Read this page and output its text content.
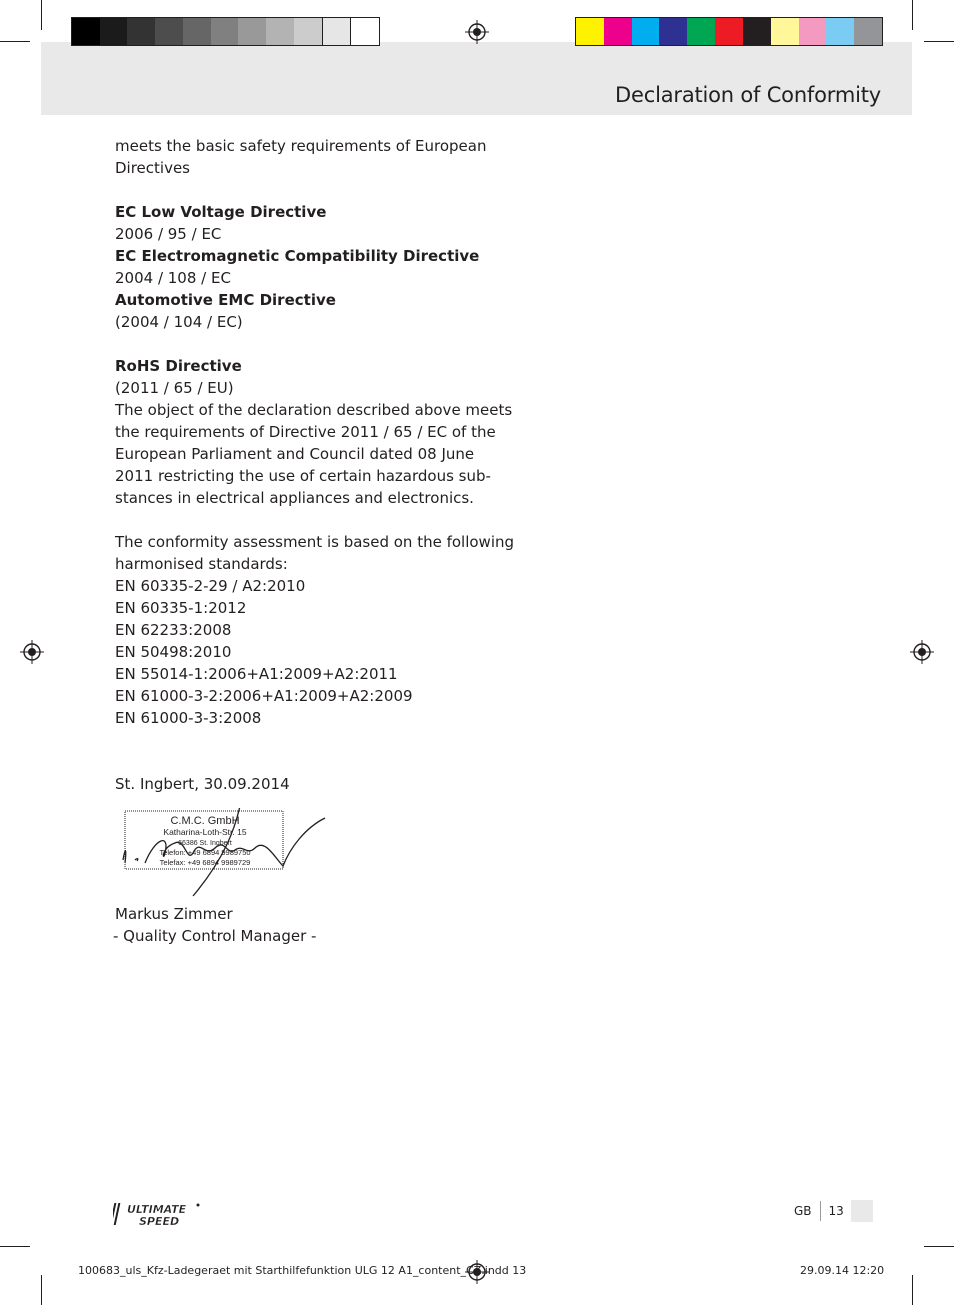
Declaration of Conformity

meets the basic safety requirements of European

Directives

EC Low Voltage Directive

2006 / 95 / EC

EC Electromagnetic Compatibility Directive

2004 / 108 / EC

Automotive EMC Directive

(2004 / 104 / EC)

RoHS Directive

(2011 / 65 / EU)

The object of the declaration described above meets

the requirements of Directive 2011 / 65 / EC of the

European Parliament and Council dated 08 June

2011 restricting the use of certain hazardous sub-

stances in electrical appliances and electronics.

The conformity assessment is based on the following

harmonised standards:

EN 60335-2-29 / A2:2010

EN 60335-1:2012

EN 62233:2008

EN 50498:2010

EN 55014-1:2006+A1:2009+A2:2011

EN 61000-3-2:2006+A1:2009+A2:2009

EN 61000-3-3:2008

St. Ingbert, 30.09.2014

C.M.C. GmbH
Katharina-Loth-Str. 15
66386 St. Ingbert
Telefon: +49 6894 9989750
Telefax: +49 6894 9989729

Markus Zimmer

- Quality Control Manager -

ULTIMATE
SPEED
GB	13
100683_uls_Kfz-Ladegeraet mit Starthilfefunktion ULG 12 A1_content_CZ.indd 13	29.09.14 12:20
